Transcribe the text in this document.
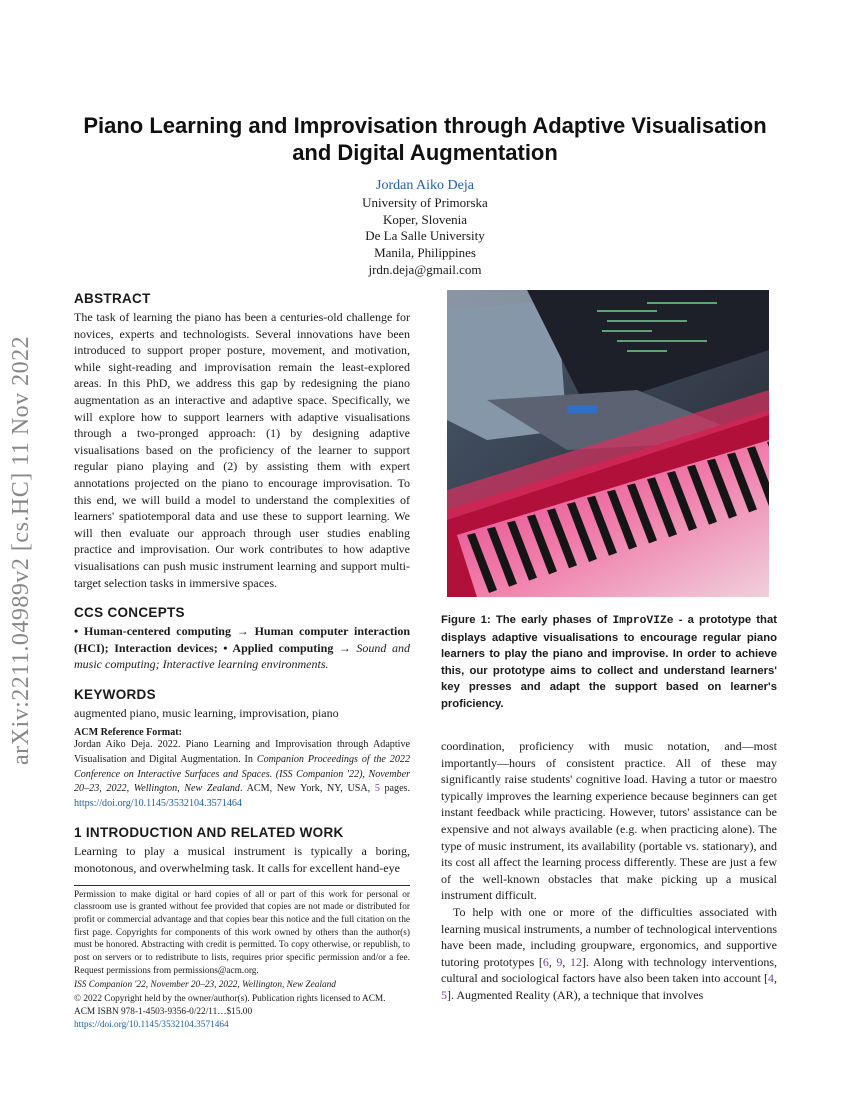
arXiv:2211.04989v2 [cs.HC] 11 Nov 2022
Piano Learning and Improvisation through Adaptive Visualisation and Digital Augmentation
Jordan Aiko Deja
University of Primorska
Koper, Slovenia
De La Salle University
Manila, Philippines
jrdn.deja@gmail.com
ABSTRACT

The task of learning the piano has been a centuries-old challenge for novices, experts and technologists. Several innovations have been introduced to support proper posture, movement, and motivation, while sight-reading and improvisation remain the least-explored areas. In this PhD, we address this gap by redesigning the piano augmentation as an interactive and adaptive space. Specifically, we will explore how to support learners with adaptive visualisations through a two-pronged approach: (1) by designing adaptive visualisations based on the proficiency of the learner to support regular piano playing and (2) by assisting them with expert annotations projected on the piano to encourage improvisation. To this end, we will build a model to understand the complexities of learners' spatiotemporal data and use these to support learning. We will then evaluate our approach through user studies enabling practice and improvisation. Our work contributes to how adaptive visualisations can push music instrument learning and support multi-target selection tasks in immersive spaces.

CCS CONCEPTS

• Human-centered computing → Human computer interaction (HCI); Interaction devices; • Applied computing → Sound and music computing; Interactive learning environments.

KEYWORDS

augmented piano, music learning, improvisation, piano

ACM Reference Format:

Jordan Aiko Deja. 2022. Piano Learning and Improvisation through Adaptive Visualisation and Digital Augmentation. In Companion Proceedings of the 2022 Conference on Interactive Surfaces and Spaces. (ISS Companion '22), November 20–23, 2022, Wellington, New Zealand. ACM, New York, NY, USA, 5 pages. https://doi.org/10.1145/3532104.3571464

1 INTRODUCTION AND RELATED WORK

Learning to play a musical instrument is typically a boring, monotonous, and overwhelming task. It calls for excellent hand-eye

Permission to make digital or hard copies of all or part of this work for personal or classroom use is granted without fee provided that copies are not made or distributed for profit or commercial advantage and that copies bear this notice and the full citation on the first page. Copyrights for components of this work owned by others than the author(s) must be honored. Abstracting with credit is permitted. To copy otherwise, or republish, to post on servers or to redistribute to lists, requires prior specific permission and/or a fee. Request permissions from permissions@acm.org.

ISS Companion '22, November 20–23, 2022, Wellington, New Zealand

© 2022 Copyright held by the owner/author(s). Publication rights licensed to ACM.

ACM ISBN 978-1-4503-9356-0/22/11…$15.00

https://doi.org/10.1145/3532104.3571464

Figure 1: The early phases of ImproVIZe - a prototype that displays adaptive visualisations to encourage regular piano learners to play the piano and improvise. In order to achieve this, our prototype aims to collect and understand learners' key presses and adapt the support based on learner's proficiency.

coordination, proficiency with music notation, and—most importantly—hours of consistent practice. All of these may significantly raise students' cognitive load. Having a tutor or maestro typically improves the learning experience because beginners can get instant feedback while practicing. However, tutors' assistance can be expensive and not always available (e.g. when practicing alone). The type of music instrument, its availability (portable vs. stationary), and its cost all affect the learning process differently. These are just a few of the well-known obstacles that make picking up a musical instrument difficult.

To help with one or more of the difficulties associated with learning musical instruments, a number of technological interventions have been made, including groupware, ergonomics, and supportive tutoring prototypes [6, 9, 12]. Along with technology interventions, cultural and sociological factors have also been taken into account [4, 5]. Augmented Reality (AR), a technique that involves
